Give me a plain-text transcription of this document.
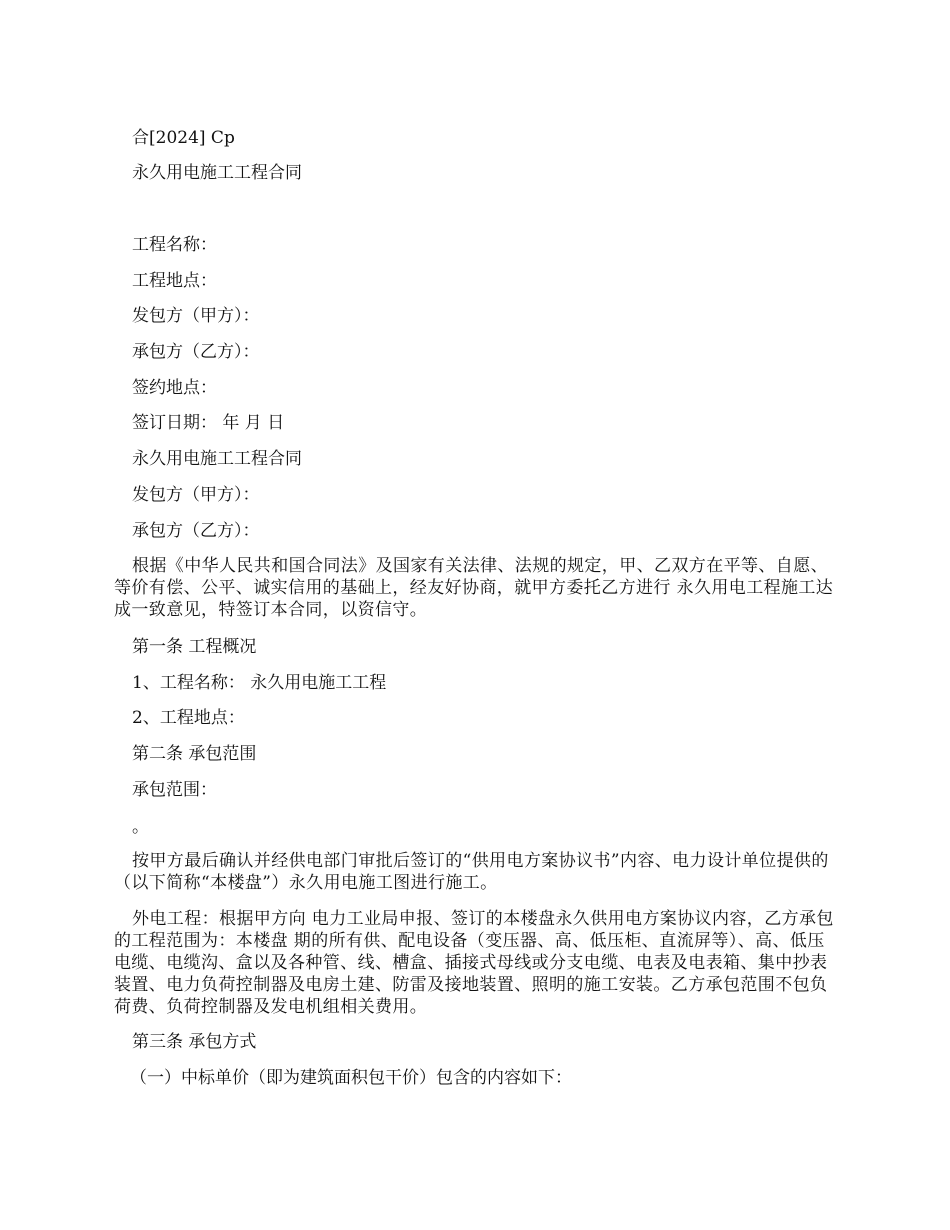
合[2024] Cp
永久用电施工工程合同
工程名称：
工程地点：
发包方（甲方）：
承包方（乙方）：
签约地点：
签订日期： 年 月 日
永久用电施工工程合同
发包方（甲方）：
承包方（乙方）：
根据《中华人民共和国合同法》及国家有关法律、法规的规定，甲、乙双方在平等、自愿、等价有偿、公平、诚实信用的基础上，经友好协商，就甲方委托乙方进行 永久用电工程施工达成一致意见，特签订本合同，以资信守。
第一条 工程概况
1、工程名称： 永久用电施工工程
2、工程地点：
第二条 承包范围
承包范围：
。
按甲方最后确认并经供电部门审批后签订的“供用电方案协议书”内容、电力设计单位提供的 （以下简称“本楼盘”）永久用电施工图进行施工。
外电工程：根据甲方向 电力工业局申报、签订的本楼盘永久供用电方案协议内容，乙方承包的工程范围为：本楼盘 期的所有供、配电设备（变压器、高、低压柜、直流屏等）、高、低压电缆、电缆沟、盒以及各种管、线、槽盒、插接式母线或分支电缆、电表及电表箱、集中抄表装置、电力负荷控制器及电房土建、防雷及接地装置、照明的施工安装。乙方承包范围不包负荷费、负荷控制器及发电机组相关费用。
第三条 承包方式
（一）中标单价（即为建筑面积包干价）包含的内容如下：
